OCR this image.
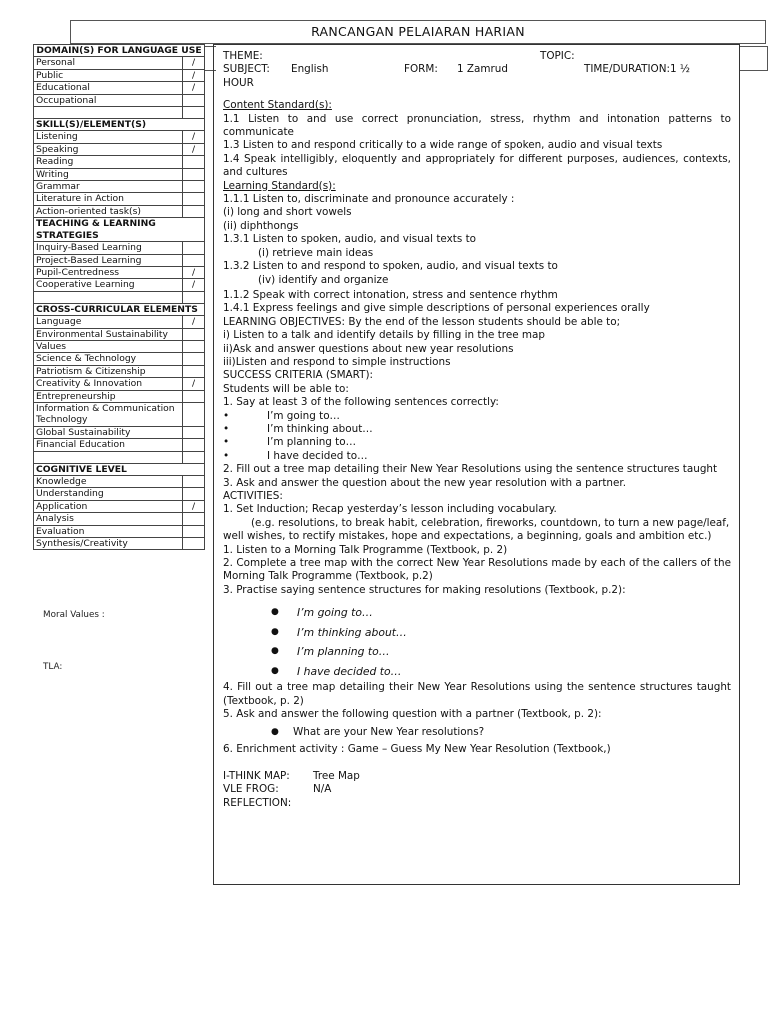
RANCANGAN PELAIARAN HARIAN
DOMAIN(S) FOR LANGUAGE USE	
Personal	/
Public	/
Educational	/
Occupational	

SKILL(S)/ELEMENT(S)	
Listening	/
Speaking	/
Reading	
Writing	
Grammar	
Literature in Action	
Action-oriented task(s)	
TEACHING & LEARNING STRATEGIES	
Inquiry-Based Learning	
Project-Based Learning	
Pupil-Centredness	/
Cooperative Learning	/

CROSS-CURRICULAR ELEMENTS	
Language	/
Environmental Sustainability	
Values	
Science & Technology	
Patriotism & Citizenship	
Creativity & Innovation	/
Entrepreneurship	
Information & Communication Technology	
Global Sustainability	
Financial Education	

COGNITIVE LEVEL	
Knowledge	
Understanding	
Application	/
Analysis	
Evaluation	
Synthesis/Creativity	
Moral Values :
TLA:
THEME:	TOPIC:
SUBJECT:	English	FORM:	1 Zamrud	TIME/DURATION:1 ½

HOUR

Content Standard(s):

1.1 Listen to and use correct pronunciation, stress, rhythm and intonation patterns to communicate

1.3 Listen to and respond critically to a wide range of spoken, audio and visual texts

1.4 Speak intelligibly, eloquently and appropriately for different purposes, audiences, contexts, and cultures

Learning Standard(s):

1.1.1 Listen to, discriminate and pronounce accurately :

(i) long and short vowels

(ii) diphthongs

1.3.1 Listen to spoken, audio, and visual texts to

(i) retrieve main ideas

1.3.2 Listen to and respond to spoken, audio, and visual texts to

(iv) identify and organize

1.1.2 Speak with correct intonation, stress and sentence rhythm

1.4.1 Express feelings and give simple descriptions of personal experiences orally

LEARNING OBJECTIVES: By the end of the lesson students should be able to;

i) Listen to a talk and identify details by filling in the tree map

ii)Ask and answer questions about new year resolutions

iii)Listen and respond to simple instructions

SUCCESS CRITERIA (SMART):

Students will be able to:

1. Say at least 3 of the following sentences correctly:

•	I’m going to…
•	I’m thinking about…
•	I’m planning to…
•	I have decided to…

2. Fill out a tree map detailing their New Year Resolutions using the sentence structures taught

3. Ask and answer the question about the new year resolution with a partner.

ACTIVITIES:

1. Set Induction; Recap yesterday’s lesson including vocabulary.

(e.g. resolutions, to break habit, celebration, fireworks, countdown, to turn a new page/leaf, well wishes, to rectify mistakes, hope and expectations, a beginning, goals and ambition etc.)

1. Listen to a Morning Talk Programme (Textbook, p. 2)

2. Complete a tree map with the correct New Year Resolutions made by each of the callers of the Morning Talk Programme (Textbook, p.2)

3. Practise saying sentence structures for making resolutions (Textbook, p.2):

●	I’m going to…
●	I’m thinking about…
●	I’m planning to…
●	I have decided to…

4. Fill out a tree map detailing their New Year Resolutions using the sentence structures taught (Textbook, p. 2)

5. Ask and answer the following question with a partner (Textbook, p. 2):

●	What are your New Year resolutions?

6. Enrichment activity : Game – Guess My New Year Resolution (Textbook,)

I-THINK MAP:	Tree Map
VLE FROG:	N/A

REFLECTION:
